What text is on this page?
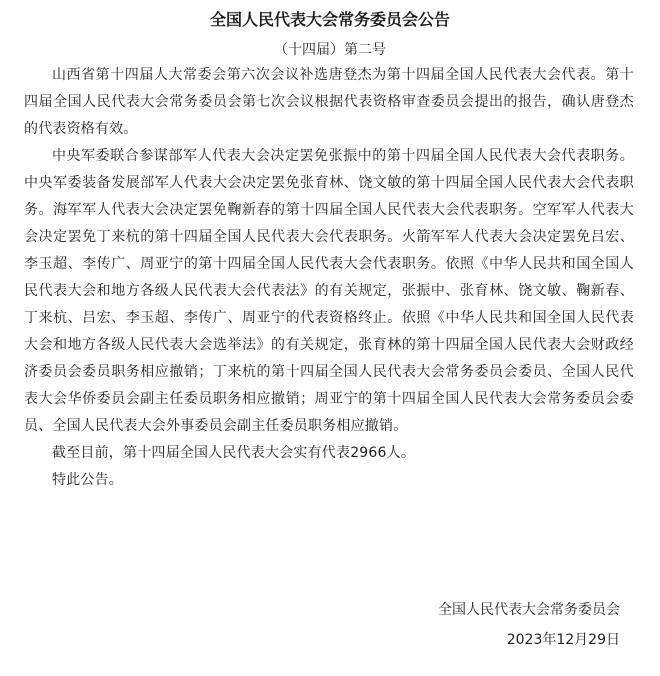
全国人民代表大会常务委员会公告
（十四届）第二号

山西省第十四届人大常委会第六次会议补选唐登杰为第十四届全国人民代表大会代表。第十四届全国人民代表大会常务委员会第七次会议根据代表资格审查委员会提出的报告，确认唐登杰的代表资格有效。

中央军委联合参谋部军人代表大会决定罢免张振中的第十四届全国人民代表大会代表职务。中央军委装备发展部军人代表大会决定罢免张育林、饶文敏的第十四届全国人民代表大会代表职务。海军军人代表大会决定罢免鞠新春的第十四届全国人民代表大会代表职务。空军军人代表大会决定罢免丁来杭的第十四届全国人民代表大会代表职务。火箭军军人代表大会决定罢免吕宏、李玉超、李传广、周亚宁的第十四届全国人民代表大会代表职务。依照《中华人民共和国全国人民代表大会和地方各级人民代表大会代表法》的有关规定，张振中、张育林、饶文敏、鞠新春、丁来杭、吕宏、李玉超、李传广、周亚宁的代表资格终止。依照《中华人民共和国全国人民代表大会和地方各级人民代表大会选举法》的有关规定，张育林的第十四届全国人民代表大会财政经济委员会委员职务相应撤销；丁来杭的第十四届全国人民代表大会常务委员会委员、全国人民代表大会华侨委员会副主任委员职务相应撤销；周亚宁的第十四届全国人民代表大会常务委员会委员、全国人民代表大会外事委员会副主任委员职务相应撤销。

截至目前，第十四届全国人民代表大会实有代表2966人。

特此公告。

全国人民代表大会常务委员会
2023年12月29日
